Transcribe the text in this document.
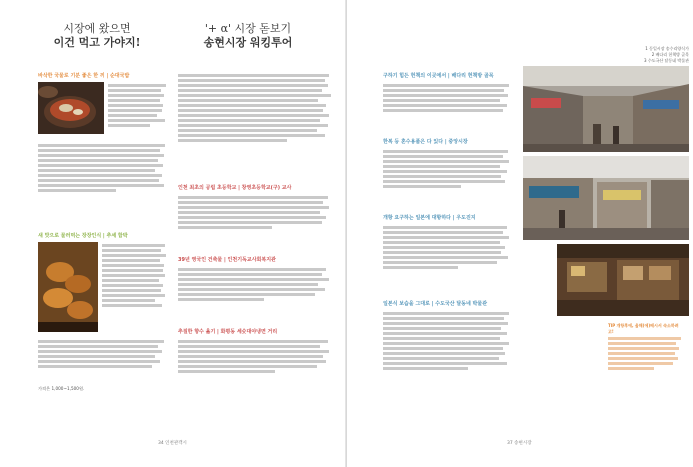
시장에 왔으면
이건 먹고 가야지!
바삭한 국물로 기분 좋은 한 끼 | 순대국밥
새 맛으로 물러먹는 장장인식 | 추세 함박
가격은 1,000~1,500원.
34 인천관객시
'+ α' 시장 돋보기
송현시장 워킹투어
인천 최초의 공립 초등학교 | 창영초등학교(구) 교사
39년 영국인 건축물 | 인천기독교사회복지관
추질한 향수 옮기 | 화평동 세숫대야냉면 거리
구하기 힘든 헌책의 이곳에서 | 배다리 헌책방 골목
한복 등 혼수용품은 다 있다 | 중앙시장
개항 요구하는 일본에 대항하다 | 우도진지
일본식 보습을 그대로 | 수도국산 달동네 박물관
1 동일시장 송수리양식가
2 배다리 헌책방 골목
3 수도국산 달동네 박물관
TIP 개항후에, 올해(에)배시서 숙소하려고!
37 송현시장
